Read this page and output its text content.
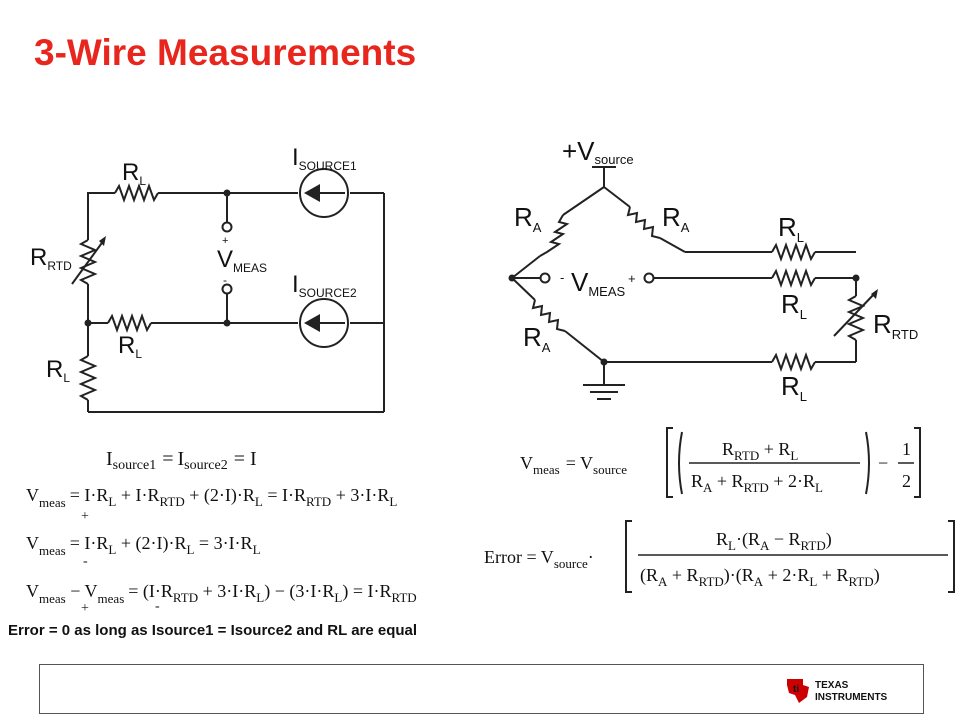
3-Wire Measurements
$R_L$
$R_{RTD}$
$R_L$
$R_L$
$I_{SOURCE1}$
$I_{SOURCE2}$
$V_{MEAS}$
+
-
+Vsource
$R_A$	$R_A$	$R_L$
$R_L$	$R_{RTD}$
$R_A$
$R_L$
VMEAS
-	+
$I_{source1} = I_{source2} = I$
$V_{meas} = I\cdot R_L + I\cdot R_{RTD} + (2\cdot I)\cdot R_L = I\cdot R_{RTD} + 3\cdot I\cdot R_L$
+
$V_{meas} = I\cdot R_L + (2\cdot I)\cdot R_L = 3\cdot I\cdot R_L$
-
$V_{meas} - V_{meas} = (I\cdot R_{RTD} + 3\cdot I\cdot R_L) - (3\cdot I\cdot R_L) = I\cdot R_{RTD}$
+	-
$V_{meas} = V_{source}$
$R_{RTD} + R_L$
$R_A + R_{RTD} + 2\cdot R_L$
−
1
2
Error = $V_{source}\cdot$
$R_L\cdot(R_A - R_{RTD})$
$(R_A + R_{RTD})\cdot(R_A + 2\cdot R_L + R_{RTD})$
Error = 0 as long as Isource1 = Isource2 and RL are equal
ti TEXAS
INSTRUMENTS
